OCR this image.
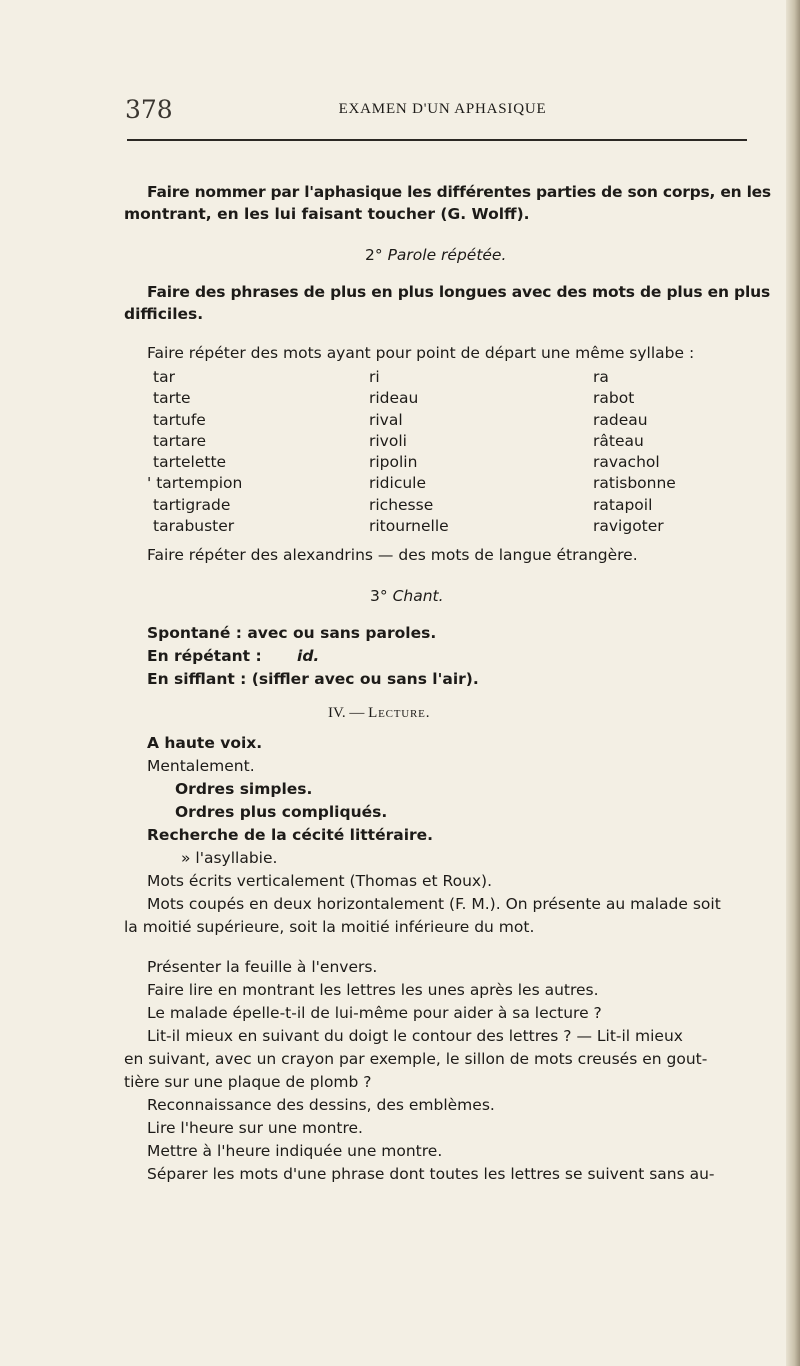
378	EXAMEN D'UN APHASIQUE
Faire nommer par l'aphasique les différentes parties de son corps, en les
montrant, en les lui faisant toucher (G. Wolff).
2° Parole répétée.
Faire des phrases de plus en plus longues avec des mots de plus en plus
difficiles.
Faire répéter des mots ayant pour point de départ une même syllabe :
tar
tarte
tartufe
tartare
tartelette
' tartempion
tartigrade
tarabuster
ri
rideau
rival
rivoli
ripolin
ridicule
richesse
ritournelle
ra
rabot
radeau
râteau
ravachol
ratisbonne
ratapoil
ravigoter
Faire répéter des alexandrins — des mots de langue étrangère.
3° Chant.
Spontané : avec ou sans paroles.
En répétant : id.
En sifflant : (siffler avec ou sans l'air).
IV. — Lecture.
A haute voix.
Mentalement.
Ordres simples.
Ordres plus compliqués.
Recherche de la cécité littéraire.
» l'asyllabie.
Mots écrits verticalement (Thomas et Roux).
Mots coupés en deux horizontalement (F. M.). On présente au malade soit
la moitié supérieure, soit la moitié inférieure du mot.
Présenter la feuille à l'envers.
Faire lire en montrant les lettres les unes après les autres.
Le malade épelle-t-il de lui-même pour aider à sa lecture ?
Lit-il mieux en suivant du doigt le contour des lettres ? — Lit-il mieux
en suivant, avec un crayon par exemple, le sillon de mots creusés en gout-
tière sur une plaque de plomb ?
Reconnaissance des dessins, des emblèmes.
Lire l'heure sur une montre.
Mettre à l'heure indiquée une montre.
Séparer les mots d'une phrase dont toutes les lettres se suivent sans au-
